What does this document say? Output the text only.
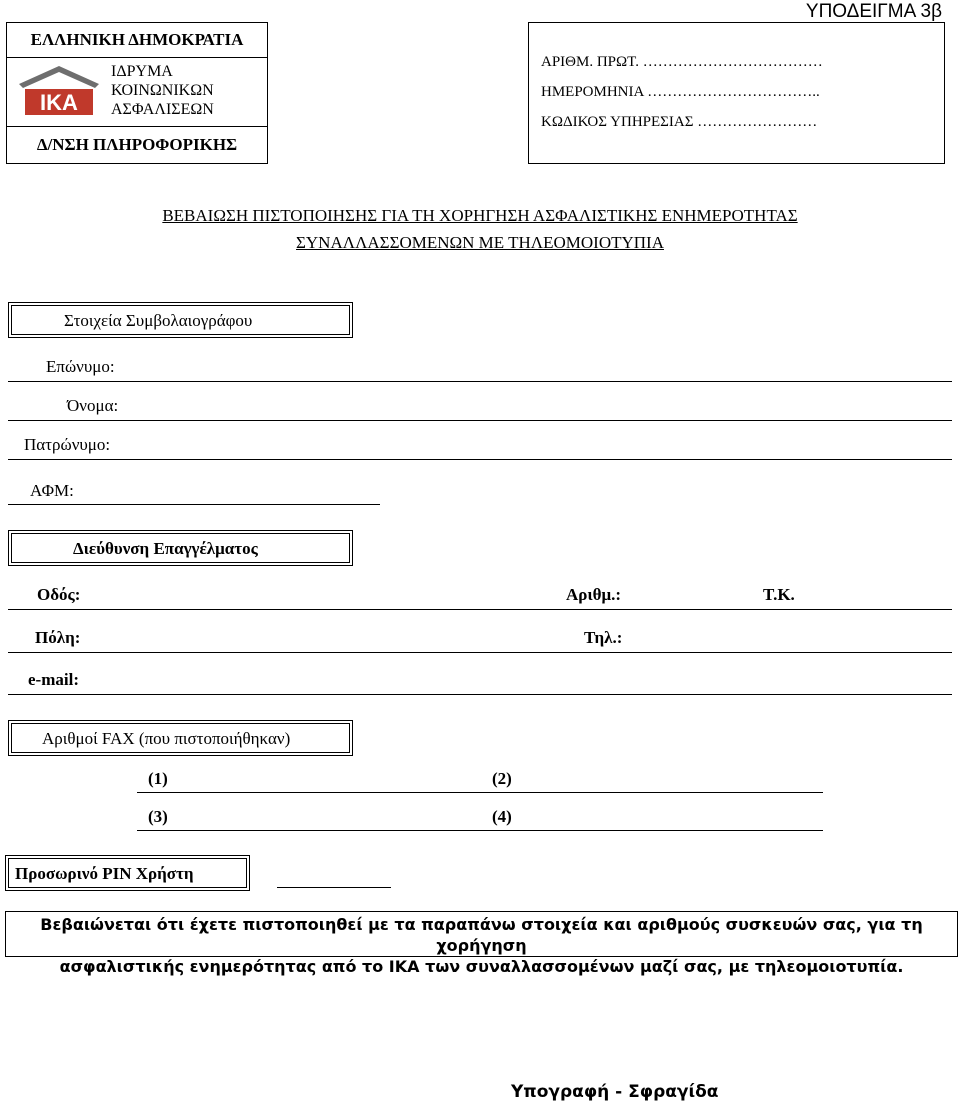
ΥΠΟΔΕΙΓΜΑ 3β
ΕΛΛΗΝΙΚΗ ΔΗΜΟΚΡΑΤΙΑ
IKA
ΙΔΡΥΜΑ
ΚΟΙΝΩΝΙΚΩΝ
ΑΣΦΑΛΙΣΕΩΝ
Δ/ΝΣΗ ΠΛΗΡΟΦΟΡΙΚΗΣ
ΑΡΙΘΜ. ΠΡΩΤ. ………………………………
ΗΜΕΡΟΜΗΝΙΑ ……………………………..
ΚΩΔΙΚΟΣ ΥΠΗΡΕΣΙΑΣ ……………………
ΒΕΒΑΙΩΣΗ ΠΙΣΤΟΠΟΙΗΣΗΣ ΓΙΑ ΤΗ ΧΟΡΗΓΗΣΗ ΑΣΦΑΛΙΣΤΙΚΗΣ ΕΝΗΜΕΡΟΤΗΤΑΣ
ΣΥΝΑΛΛΑΣΣΟΜΕΝΩΝ ΜΕ ΤΗΛΕΟΜΟΙΟΤΥΠΙΑ
Στοιχεία Συμβολαιογράφου
Επώνυμο:
Όνομα:
Πατρώνυμο:
ΑΦΜ:
Διεύθυνση Επαγγέλματος
Οδός:	Αριθμ.:	Τ.Κ.
Πόλη:	Τηλ.:
e-mail:
Αριθμοί FAX (που πιστοποιήθηκαν)
(1)	(2)
(3)	(4)
Προσωρινό PIN Χρήστη
Βεβαιώνεται ότι έχετε πιστοποιηθεί με τα παραπάνω στοιχεία και αριθμούς συσκευών σας, για τη χορήγηση
ασφαλιστικής ενημερότητας από το ΙΚΑ των συναλλασσομένων μαζί σας, με τηλεομοιοτυπία.
Υπογραφή - Σφραγίδα
